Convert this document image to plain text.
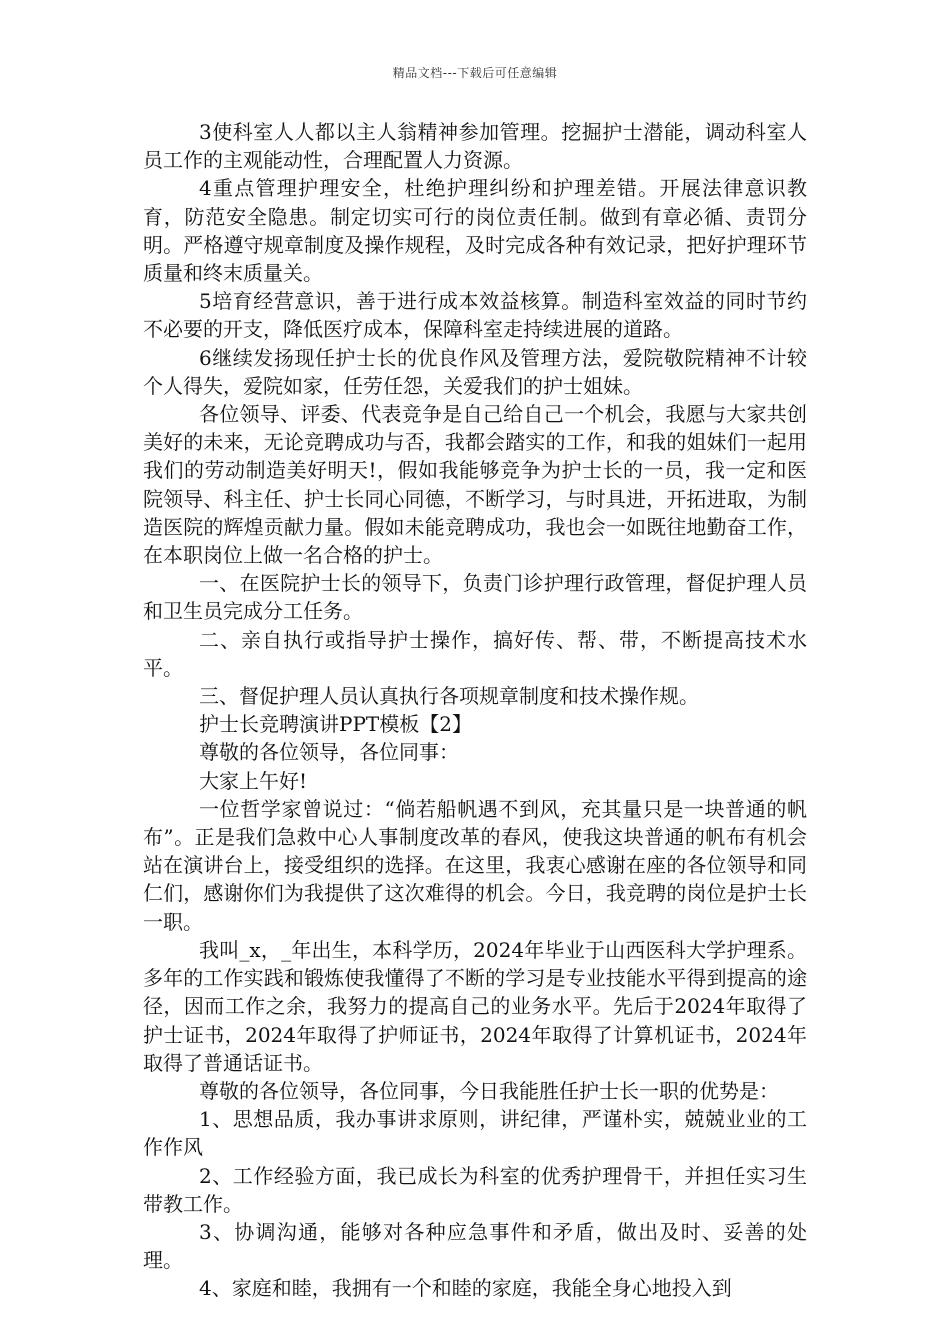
精品文档---下载后可任意编辑

3使科室人人都以主人翁精神参加管理。挖掘护士潜能，调动科室人员工作的主观能动性，合理配置人力资源。

4重点管理护理安全，杜绝护理纠纷和护理差错。开展法律意识教育，防范安全隐患。制定切实可行的岗位责任制。做到有章必循、责罚分明。严格遵守规章制度及操作规程，及时完成各种有效记录，把好护理环节质量和终末质量关。

5培育经营意识，善于进行成本效益核算。制造科室效益的同时节约不必要的开支，降低医疗成本，保障科室走持续进展的道路。

6继续发扬现任护士长的优良作风及管理方法，爱院敬院精神不计较个人得失，爱院如家，任劳任怨，关爱我们的护士姐妹。

各位领导、评委、代表竞争是自己给自己一个机会，我愿与大家共创美好的未来，无论竞聘成功与否，我都会踏实的工作，和我的姐妹们一起用我们的劳动制造美好明天!，假如我能够竞争为护士长的一员，我一定和医院领导、科主任、护士长同心同德，不断学习，与时具进，开拓进取，为制造医院的辉煌贡献力量。假如未能竞聘成功，我也会一如既往地勤奋工作，在本职岗位上做一名合格的护士。

一、在医院护士长的领导下，负责门诊护理行政管理，督促护理人员和卫生员完成分工任务。

二、亲自执行或指导护士操作，搞好传、帮、带，不断提高技术水平。

三、督促护理人员认真执行各项规章制度和技术操作规。

护士长竞聘演讲PPT模板【2】

尊敬的各位领导，各位同事：

大家上午好!

一位哲学家曾说过：“倘若船帆遇不到风，充其量只是一块普通的帆布”。正是我们急救中心人事制度改革的春风，使我这块普通的帆布有机会站在演讲台上，接受组织的选择。在这里，我衷心感谢在座的各位领导和同仁们，感谢你们为我提供了这次难得的机会。今日，我竞聘的岗位是护士长一职。

我叫_x，_年出生，本科学历，2024年毕业于山西医科大学护理系。多年的工作实践和锻炼使我懂得了不断的学习是专业技能水平得到提高的途径，因而工作之余，我努力的提高自己的业务水平。先后于2024年取得了护士证书，2024年取得了护师证书，2024年取得了计算机证书，2024年取得了普通话证书。

尊敬的各位领导，各位同事，今日我能胜任护士长一职的优势是：

1、思想品质，我办事讲求原则，讲纪律，严谨朴实，兢兢业业的工作作风

2、工作经验方面，我已成长为科室的优秀护理骨干，并担任实习生带教工作。

3、协调沟通，能够对各种应急事件和矛盾，做出及时、妥善的处理。

4、家庭和睦，我拥有一个和睦的家庭，我能全身心地投入到
